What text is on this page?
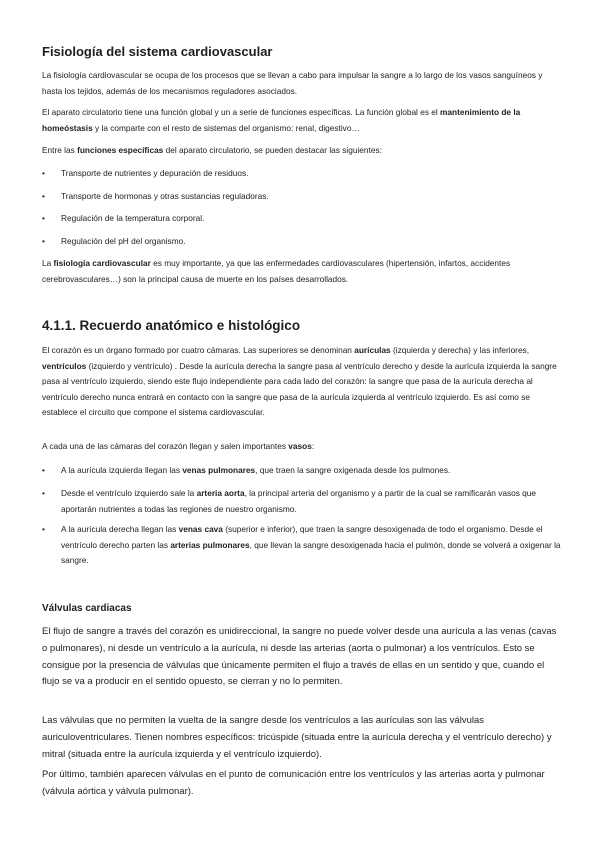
Fisiología del sistema cardiovascular

La fisiología cardiovascular se ocupa de los procesos que se llevan a cabo para impulsar la sangre a lo largo de los vasos sanguíneos y hasta los tejidos, además de los mecanismos reguladores asociados.

El aparato circulatorio tiene una función global y un a serie de funciones específicas. La función global es el mantenimiento de la homeóstasis y la comparte con el resto de sistemas del organismo: renal, digestivo…

Entre las funciones específicas del aparato circulatorio, se pueden destacar las siguientes:

•	Transporte de nutrientes y depuración de residuos.
•	Transporte de hormonas y otras sustancias reguladoras.
•	Regulación de la temperatura corporal.
•	Regulación del pH del organismo.

La fisiología cardiovascular es muy importante, ya que las enfermedades cardiovasculares (hipertensión, infartos, accidentes cerebrovasculares…) son la principal causa de muerte en los países desarrollados.

4.1.1. Recuerdo anatómico e histológico

El corazón es un órgano formado por cuatro cámaras. Las superiores se denominan aurículas (izquierda y derecha) y las inferiores, ventrículos (izquierdo y ventrículo) . Desde la aurícula derecha la sangre pasa al ventrículo derecho y desde la aurícula izquierda la sangre pasa al ventrículo izquierdo, siendo este flujo independiente para cada lado del corazón: la sangre que pasa de la aurícula derecha al ventrículo derecho nunca entrará en contacto con la sangre que pasa de la aurícula izquierda al ventrículo izquierdo. Es así como se establece el circuito que compone el sistema cardiovascular.

A cada una de las cámaras del corazón llegan y salen importantes vasos:

•	A la aurícula izquierda llegan las venas pulmonares, que traen la sangre oxigenada desde los pulmones.
•	Desde el ventrículo izquierdo sale la arteria aorta, la principal arteria del organismo y a partir de la cual se ramificarán vasos que aportarán nutrientes a todas las regiones de nuestro organismo.
•	A la aurícula derecha llegan las venas cava (superior e inferior), que traen la sangre desoxigenada de todo el organismo. Desde el ventrículo derecho parten las arterias pulmonares, que llevan la sangre desoxigenada hacia el pulmón, donde se volverá a oxigenar la sangre.
Válvulas cardiacas

El flujo de sangre a través del corazón es unidireccional, la sangre no puede volver desde una aurícula a las venas (cavas o pulmonares), ni desde un ventrículo a la aurícula, ni desde las arterias (aorta o pulmonar) a los ventrículos. Esto se consigue por la presencia de válvulas que únicamente permiten el flujo a través de ellas en un sentido y que, cuando el flujo se va a producir en el sentido opuesto, se cierran y no lo permiten.

Las válvulas que no permiten la vuelta de la sangre desde los ventrículos a las aurículas son las válvulas auriculoventriculares. Tienen nombres específicos: tricúspide (situada entre la aurícula derecha y el ventrículo derecho) y mitral (situada entre la aurícula izquierda y el ventrículo izquierdo).

Por último, también aparecen válvulas en el punto de comunicación entre los ventrículos y las arterias aorta y pulmonar (válvula aórtica y válvula pulmonar).
